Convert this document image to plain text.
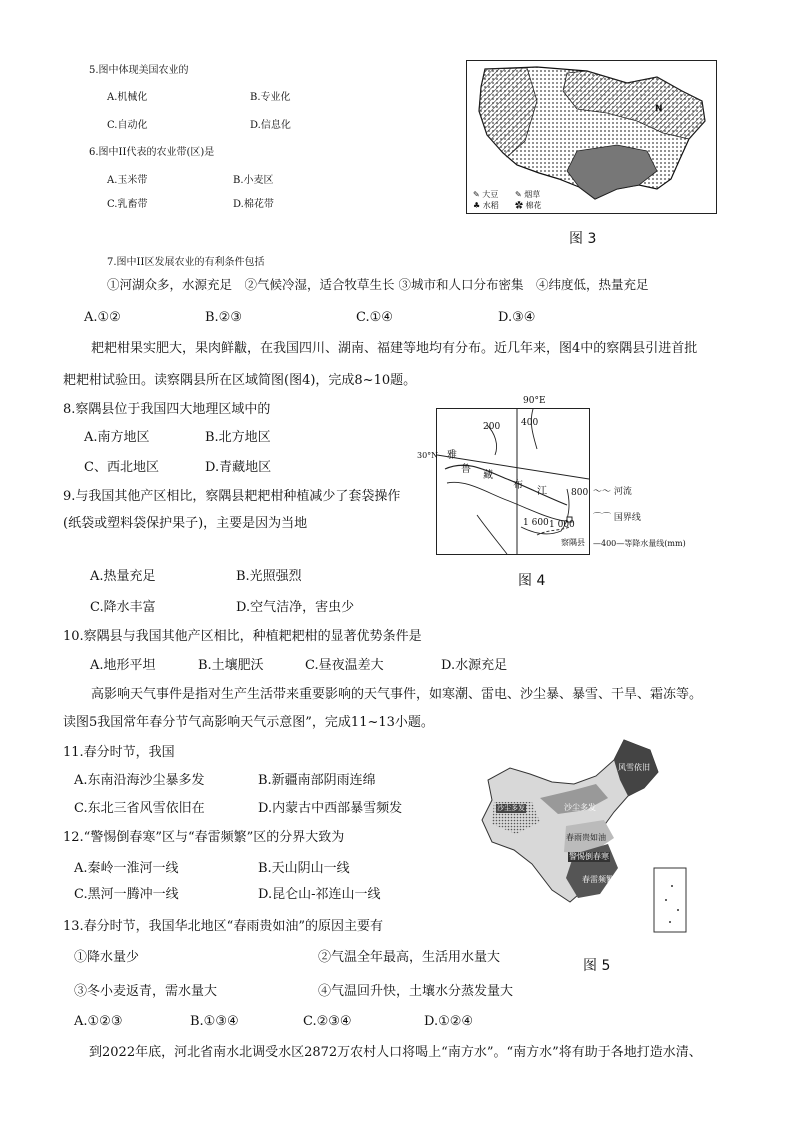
5.图中体现美国农业的
A.机械化	B.专业化
C.自动化	D.信息化
6.图中II代表的农业带(区)是
A.玉米带	B.小麦区
C.乳畜带	D.棉花带
7.图中II区发展农业的有利条件包括
①河湖众多，水源充足　②气候冷湿，适合牧草生长 ③城市和人口分布密集　④纬度低，热量充足
A.①②	B.②③	C.①④	D.③④
N
✎ 大豆 ✎ 烟草
♣ 水稻 ✿ 棉花
图 3
耙耙柑果实肥大，果肉鲜黻，在我国四川、湖南、福建等地均有分布。近几年来，图4中的察隅县引进首批
耙耙柑试验田。读察隅县所在区域简图(图4)，完成8~10题。
8.察隅县位于我国四大地理区域中的
A.南方地区	B.北方地区
C、西北地区	D.青藏地区
9.与我国其他产区相比，察隅县耙耙柑种植减少了套袋操作
(纸袋或塑料袋保护果子)，主要是因为当地
A.热量充足	B.光照强烈
C.降水丰富	D.空气洁净，害虫少
90°E
200 400
800
1 600 1 000
雅
鲁
藏
布
江
察隅县
30°N
〜〜 河流
⌒⌒ 国界线
—400—等降水量线(mm)
图 4
10.察隅县与我国其他产区相比，种植耙耙柑的显著优势条件是
A.地形平坦	B.土壤肥沃	C.昼夜温差大	D.水源充足
高影响天气事件是指对生产生活带来重要影响的天气事件，如寒潮、雷电、沙尘暴、暴雪、干旱、霜冻等。
读图5我国常年春分节气高影响天气示意图”，完成11~13小题。
11.春分时节，我国
A.东南沿海沙尘暴多发	B.新疆南部阴雨连绵
C.东北三省风雪依旧在	D.内蒙古中西部暴雪频发
12.“警惕倒春寒”区与“春雷频繁”区的分界大致为
A.秦岭一淮河一线	B.天山阴山一线
C.黑河一腾冲一线	D.昆仑山-祁连山一线
风雪依旧
沙尘多发	沙尘多发
春雨贵如油
警惕倒春寒
春雷频繁
图 5
13.春分时节，我国华北地区“春雨贵如油”的原因主要有
①降水量少	②气温全年最高，生活用水量大
③冬小麦返青，需水量大	④气温回升快，土壤水分蒸发量大
A.①②③	B.①③④	C.②③④	D.①②④
到2022年底，河北省南水北调受水区2872万农村人口将喝上“南方水”。“南方水”将有助于各地打造水清、
